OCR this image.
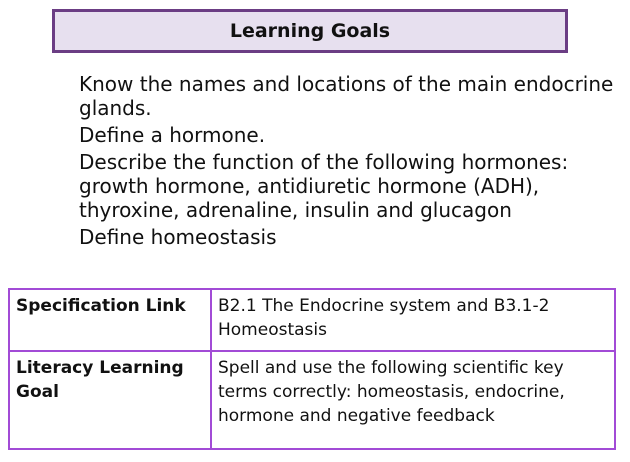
Learning Goals
Know the names and locations of the main endocrine glands.
Define a hormone.
Describe the function of the following hormones: growth hormone, antidiuretic hormone (ADH), thyroxine, adrenaline, insulin and glucagon
Define homeostasis
Specification Link	B2.1 The Endocrine system and B3.1-2 Homeostasis
Literacy Learning Goal	Spell and use the following scientific key terms correctly: homeostasis, endocrine, hormone and negative feedback
